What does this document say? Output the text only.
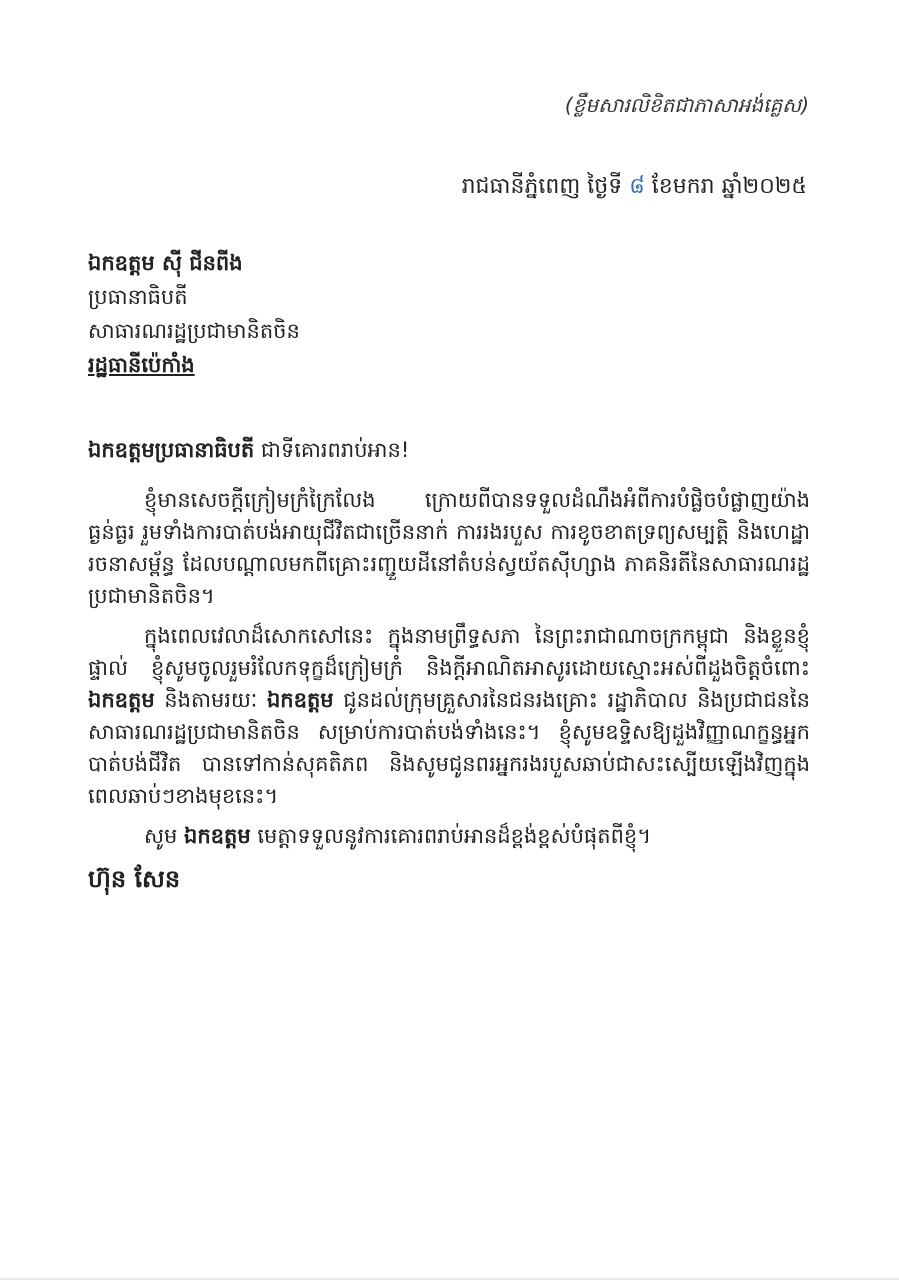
(ខ្លឹមសារលិខិតជាភាសាអង់គ្លេស)
រាជធានីភ្នំពេញ ថ្ងៃទី ៨ ខែមករា ឆ្នាំ២០២៥
ឯកឧត្តម ស៊ី ជីនពីង
ប្រធានាធិបតី
សាធារណរដ្ឋប្រជាមានិតចិន
រដ្ឋធានីប៉េកាំង
ឯកឧត្តមប្រធានាធិបតី ជាទីគោរពរាប់អាន!

ខ្ញុំមានសេចក្តីក្រៀមក្រំក្រៃលែង ក្រោយពីបានទទួលដំណឹងអំពីការបំផ្លិចបំផ្លាញយ៉ាងធ្ងន់ធ្ងរ រួមទាំងការបាត់បង់អាយុជីវិតជាច្រើននាក់ ការរងរបួស ការខូចខាតទ្រព្យសម្បត្តិ និងហេដ្ឋារចនាសម្ព័ន្ធ ដែលបណ្តាលមកពីគ្រោះរញ្ជួយដីនៅតំបន់ស្វយ័តស៊ីហ្សាង ភាគនិរតីនៃសាធារណរដ្ឋប្រជាមានិតចិន។

ក្នុងពេលវេលាដ៏សោកសៅនេះ ក្នុងនាមព្រឹទ្ធសភា នៃព្រះរាជាណាចក្រកម្ពុជា និងខ្លួនខ្ញុំផ្ទាល់ ខ្ញុំសូមចូលរួមរំលែកទុក្ខដ៏ក្រៀមក្រំ និងក្តីអាណិតអាសូរដោយស្មោះអស់ពីដួងចិត្តចំពោះ ឯកឧត្តម និងតាមរយៈ ឯកឧត្តម ជូនដល់ក្រុមគ្រួសារនៃជនរងគ្រោះ រដ្ឋាភិបាល និងប្រជាជននៃសាធារណរដ្ឋប្រជាមានិតចិន សម្រាប់ការបាត់បង់ទាំងនេះ។ ខ្ញុំសូមឧទ្ទិសឱ្យដួងវិញ្ញាណក្ខន្ធអ្នកបាត់បង់ជីវិត បានទៅកាន់សុគតិភព និងសូមជូនពរអ្នករងរបួសឆាប់ជាសះស្បើយឡើងវិញក្នុងពេលឆាប់ៗខាងមុខនេះ។

សូម ឯកឧត្តម មេត្តាទទួលនូវការគោរពរាប់អានដ៏ខ្ពង់ខ្ពស់បំផុតពីខ្ញុំ។

ហ៊ុន សែន
